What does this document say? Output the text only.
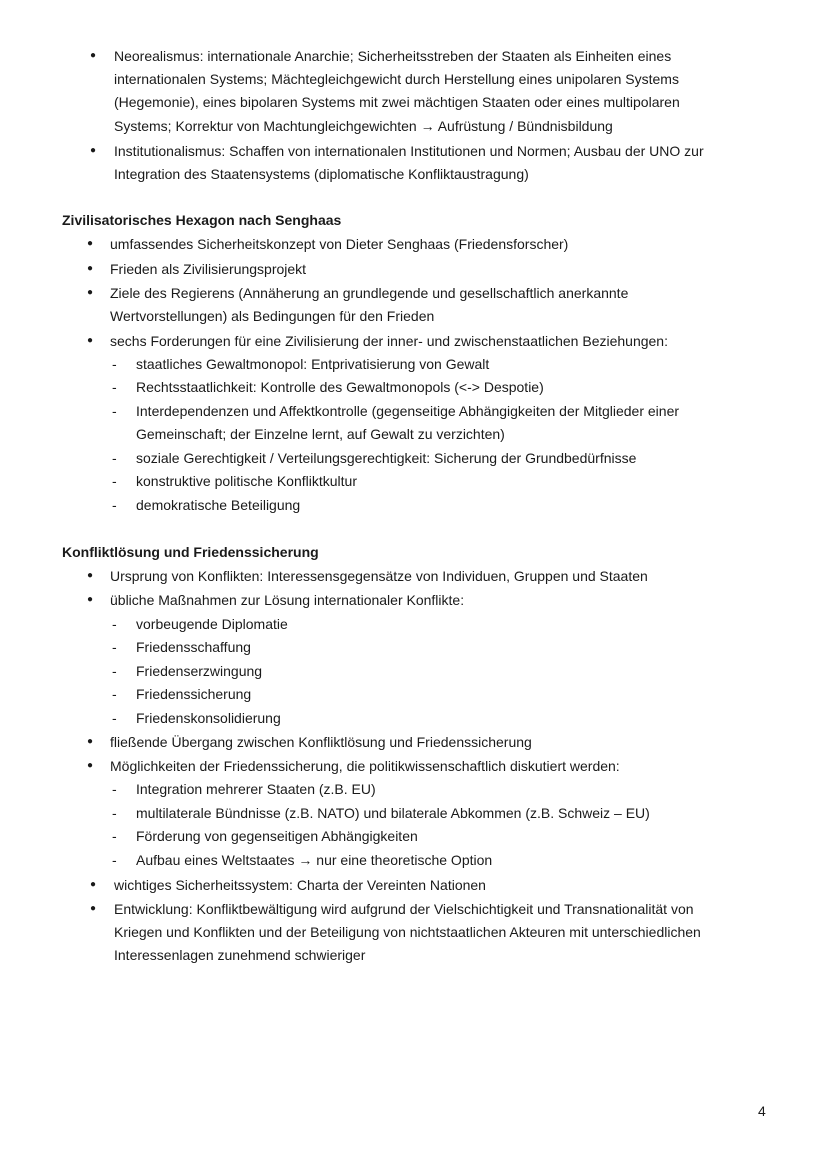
● Neorealismus: internationale Anarchie; Sicherheitsstreben der Staaten als Einheiten eines
internationalen Systems; Mächtegleichgewicht durch Herstellung eines unipolaren Systems
(Hegemonie), eines bipolaren Systems mit zwei mächtigen Staaten oder eines multipolaren
Systems; Korrektur von Machtungleichgewichten → Aufrüstung / Bündnisbildung
● Institutionalismus: Schaffen von internationalen Institutionen und Normen; Ausbau der UNO zur
Integration des Staatensystems (diplomatische Konfliktaustragung)
Zivilisatorisches Hexagon nach Senghaas
● umfassendes Sicherheitskonzept von Dieter Senghaas (Friedensforscher)
● Frieden als Zivilisierungsprojekt
● Ziele des Regierens (Annäherung an grundlegende und gesellschaftlich anerkannte
Wertvorstellungen) als Bedingungen für den Frieden
● sechs Forderungen für eine Zivilisierung der inner- und zwischenstaatlichen Beziehungen:
- staatliches Gewaltmonopol: Entprivatisierung von Gewalt
- Rechtsstaatlichkeit: Kontrolle des Gewaltmonopols (<-> Despotie)
- Interdependenzen und Affektkontrolle (gegenseitige Abhängigkeiten der Mitglieder einer
Gemeinschaft; der Einzelne lernt, auf Gewalt zu verzichten)
- soziale Gerechtigkeit / Verteilungsgerechtigkeit: Sicherung der Grundbedürfnisse
- konstruktive politische Konfliktkultur
- demokratische Beteiligung
Konfliktlösung und Friedenssicherung
● Ursprung von Konflikten: Interessensgegensätze von Individuen, Gruppen und Staaten
● übliche Maßnahmen zur Lösung internationaler Konflikte:
- vorbeugende Diplomatie
- Friedensschaffung
- Friedenserzwingung
- Friedenssicherung
- Friedenskonsolidierung
● fließende Übergang zwischen Konfliktlösung und Friedenssicherung
● Möglichkeiten der Friedenssicherung, die politikwissenschaftlich diskutiert werden:
- Integration mehrerer Staaten (z.B. EU)
- multilaterale Bündnisse (z.B. NATO) und bilaterale Abkommen (z.B. Schweiz – EU)
- Förderung von gegenseitigen Abhängigkeiten
- Aufbau eines Weltstaates → nur eine theoretische Option
● wichtiges Sicherheitssystem: Charta der Vereinten Nationen
● Entwicklung: Konfliktbewältigung wird aufgrund der Vielschichtigkeit und Transnationalität von
Kriegen und Konflikten und der Beteiligung von nichtstaatlichen Akteuren mit unterschiedlichen
Interessenlagen zunehmend schwieriger
4
